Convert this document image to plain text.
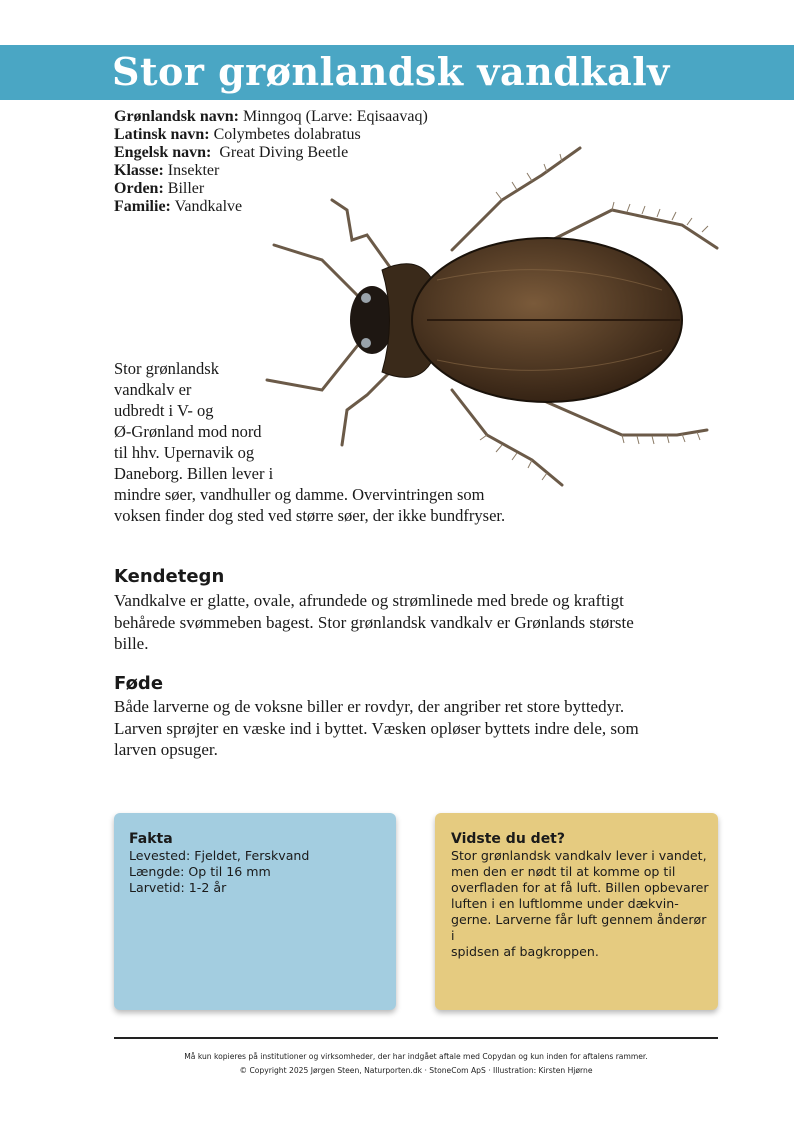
Stor grønlandsk vandkalv
Grønlandsk navn: Minngoq (Larve: Eqisaavaq)
Latinsk navn: Colymbetes dolabratus
Engelsk navn:  Great Diving Beetle
Klasse: Insekter
Orden: Biller
Familie: Vandkalve
Stor grønlandsk
vandkalv er
udbredt i V- og
Ø-Grønland mod nord
til hhv. Upernavik og
Daneborg. Billen lever i
mindre søer, vandhuller og damme. Overvintringen som
voksen finder dog sted ved større søer, der ikke bundfryser.
Kendetegn
Vandkalve er glatte, ovale, afrundede og strømlinede med brede og kraftigt
behårede svømmeben bagest. Stor grønlandsk vandkalv er Grønlands største
bille.
Føde
Både larverne og de voksne biller er rovdyr, der angriber ret store byttedyr.
Larven sprøjter en væske ind i byttet. Væsken opløser byttets indre dele, som
larven opsuger.
Fakta
Levested: Fjeldet, Ferskvand
Længde: Op til 16 mm
Larvetid: 1-2 år
Vidste du det?
Stor grønlandsk vandkalv lever i vandet,
men den er nødt til at komme op til
overfladen for at få luft. Billen opbevarer
luften i en luftlomme under dækvin-
gerne. Larverne får luft gennem ånderør i
spidsen af bagkroppen.
Må kun kopieres på institutioner og virksomheder, der har indgået aftale med Copydan og kun inden for aftalens rammer.
© Copyright 2025 Jørgen Steen, Naturporten.dk · StoneCom ApS · Illustration: Kirsten Hjørne
